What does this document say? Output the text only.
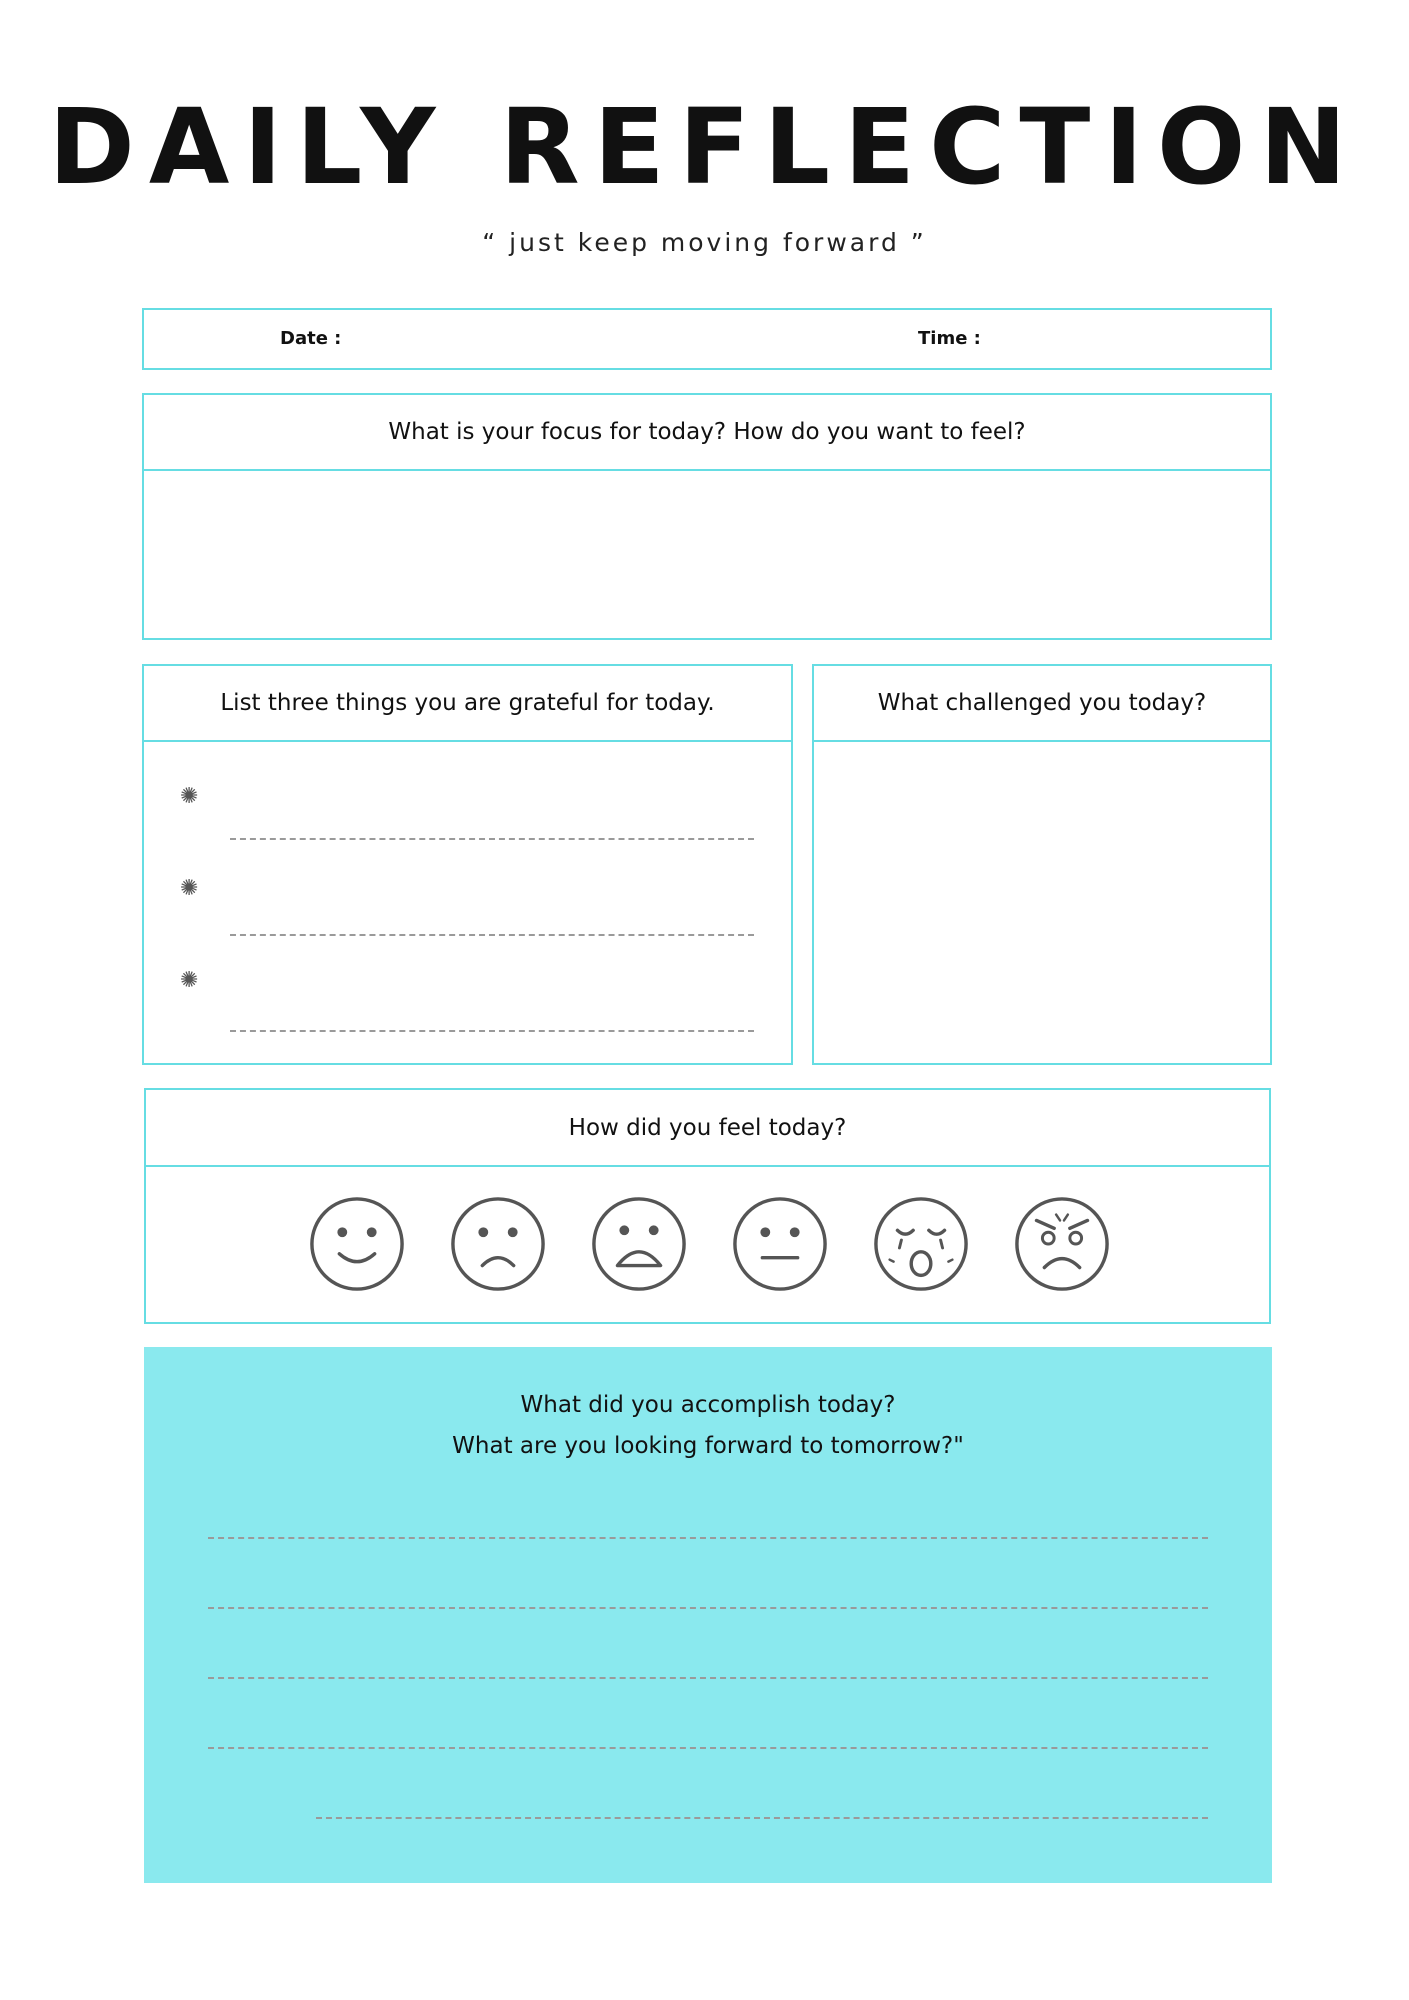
DAILY REFLECTION
“ just keep moving forward ”
Date :	Time :
What is your focus for today? How do you want to feel?
List three things you are grateful for today.
✺
✺
✺
What challenged you today?
How did you feel today?
What did you accomplish today?
What are you looking forward to tomorrow?"
